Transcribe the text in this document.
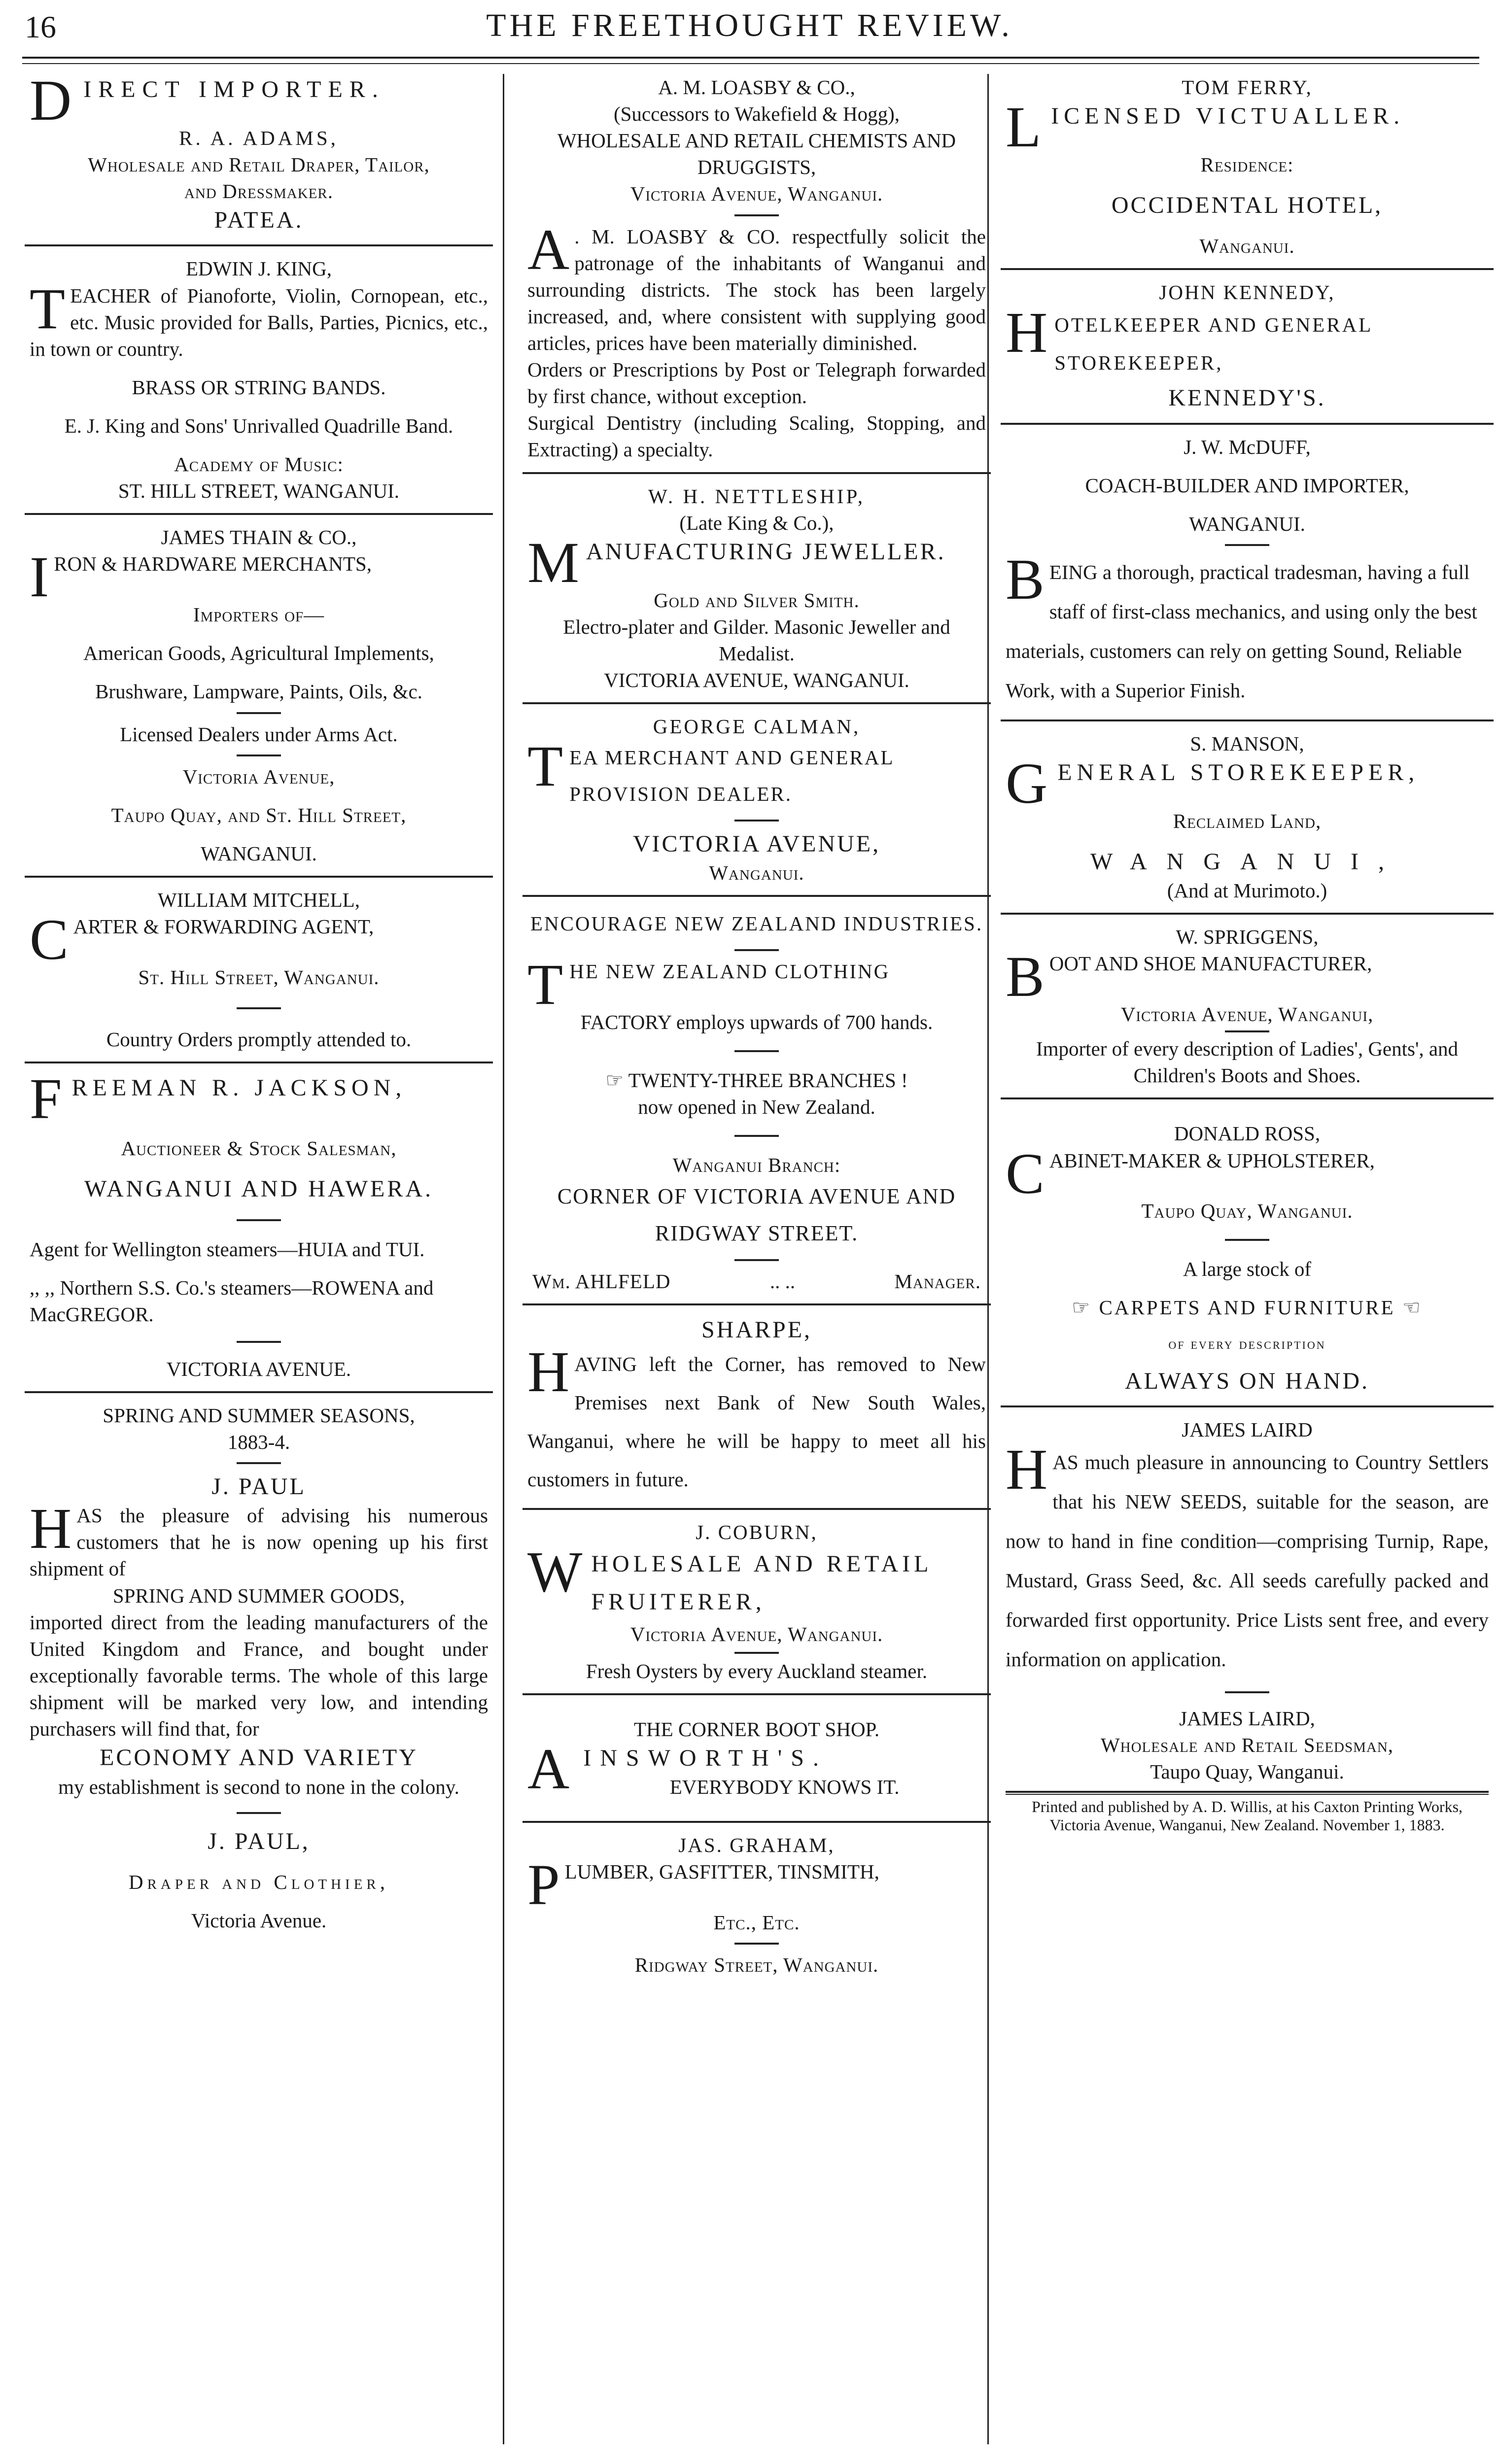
16	THE FREETHOUGHT REVIEW.

DIRECT IMPORTER.

R. A. ADAMS,

Wholesale and Retail Draper, Tailor,

and Dressmaker.

PATEA.

EDWIN J. KING,

TEACHER of Pianoforte, Violin, Cornopean, etc., etc. Music provided for Balls, Parties, Picnics, etc., in town or country.

BRASS OR STRING BANDS.

E. J. King and Sons' Unrivalled Quadrille Band.

Academy of Music:

ST. HILL STREET, WANGANUI.

JAMES THAIN & CO.,

IRON & HARDWARE MERCHANTS,

Importers of—

American Goods, Agricultural Implements,

Brushware, Lampware, Paints, Oils, &c.

Licensed Dealers under Arms Act.

Victoria Avenue,

Taupo Quay, and St. Hill Street,

WANGANUI.

WILLIAM MITCHELL,

CARTER & FORWARDING AGENT,

St. Hill Street, Wanganui.

Country Orders promptly attended to.

FREEMAN R. JACKSON,

Auctioneer & Stock Salesman,

WANGANUI AND HAWERA.

Agent for Wellington steamers—HUIA and TUI.

,, ,, Northern S.S. Co.'s steamers—ROWENA and MacGREGOR.

VICTORIA AVENUE.

SPRING AND SUMMER SEASONS,

1883-4.

J. PAUL

HAS the pleasure of advising his numerous customers that he is now opening up his first shipment of

SPRING AND SUMMER GOODS,

imported direct from the leading manufacturers of the United Kingdom and France, and bought under exceptionally favorable terms. The whole of this large shipment will be marked very low, and intending purchasers will find that, for

ECONOMY AND VARIETY

my establishment is second to none in the colony.

J. PAUL,

Draper and Clothier,

Victoria Avenue.

A. M. LOASBY & CO.,

(Successors to Wakefield & Hogg),

WHOLESALE AND RETAIL CHEMISTS AND DRUGGISTS,

Victoria Avenue, Wanganui.

A . M. LOASBY & CO. respectfully solicit the patronage of the inhabitants of Wanganui and surrounding districts. The stock has been largely increased, and, where consistent with supplying good articles, prices have been materially diminished.

Orders or Prescriptions by Post or Telegraph forwarded by first chance, without exception.

Surgical Dentistry (including Scaling, Stopping, and Extracting) a specialty.

W. H. NETTLESHIP,

(Late King & Co.),

MANUFACTURING JEWELLER.

Gold and Silver Smith.

Electro-plater and Gilder. Masonic Jeweller and Medalist.

VICTORIA AVENUE, WANGANUI.

GEORGE CALMAN,

TEA MERCHANT AND GENERAL PROVISION DEALER.

VICTORIA AVENUE,

Wanganui.

ENCOURAGE NEW ZEALAND INDUSTRIES.

THE NEW ZEALAND CLOTHING

FACTORY employs upwards of 700 hands.

☞ TWENTY-THREE BRANCHES !

now opened in New Zealand.

Wanganui Branch:

CORNER OF VICTORIA AVENUE AND RIDGWAY STREET.

Wm. AHLFELD	.. ..	Manager.

SHARPE,

HAVING left the Corner, has removed to New Premises next Bank of New South Wales, Wanganui, where he will be happy to meet all his customers in future.

J. COBURN,

WHOLESALE AND RETAIL FRUITERER,

Victoria Avenue, Wanganui.

Fresh Oysters by every Auckland steamer.

THE CORNER BOOT SHOP.

AINSWORTH'S.

EVERYBODY KNOWS IT.

JAS. GRAHAM,

PLUMBER, GASFITTER, TINSMITH,

Etc., Etc.

Ridgway Street, Wanganui.

TOM FERRY,

LICENSED VICTUALLER.

Residence:

OCCIDENTAL HOTEL,

Wanganui.

JOHN KENNEDY,

HOTELKEEPER AND GENERAL STOREKEEPER,

KENNEDY'S.

J. W. McDUFF,

COACH-BUILDER AND IMPORTER,

WANGANUI.

BEING a thorough, practical tradesman, having a full staff of first-class mechanics, and using only the best materials, customers can rely on getting Sound, Reliable Work, with a Superior Finish.

S. MANSON,

GENERAL STOREKEEPER,

Reclaimed Land,

WANGANUI,

(And at Murimoto.)

W. SPRIGGENS,

BOOT AND SHOE MANUFACTURER,

Victoria Avenue, Wanganui,

Importer of every description of Ladies', Gents', and Children's Boots and Shoes.

DONALD ROSS,

CABINET-MAKER & UPHOLSTERER,

Taupo Quay, Wanganui.

A large stock of

☞ CARPETS AND FURNITURE ☜

of every description

ALWAYS ON HAND.

JAMES LAIRD

HAS much pleasure in announcing to Country Settlers that his NEW SEEDS, suitable for the season, are now to hand in fine condition—comprising Turnip, Rape, Mustard, Grass Seed, &c. All seeds carefully packed and forwarded first opportunity. Price Lists sent free, and every information on application.

JAMES LAIRD,

Wholesale and Retail Seedsman,

Taupo Quay, Wanganui.

Printed and published by A. D. Willis, at his Caxton Printing Works, Victoria Avenue, Wanganui, New Zealand. November 1, 1883.
